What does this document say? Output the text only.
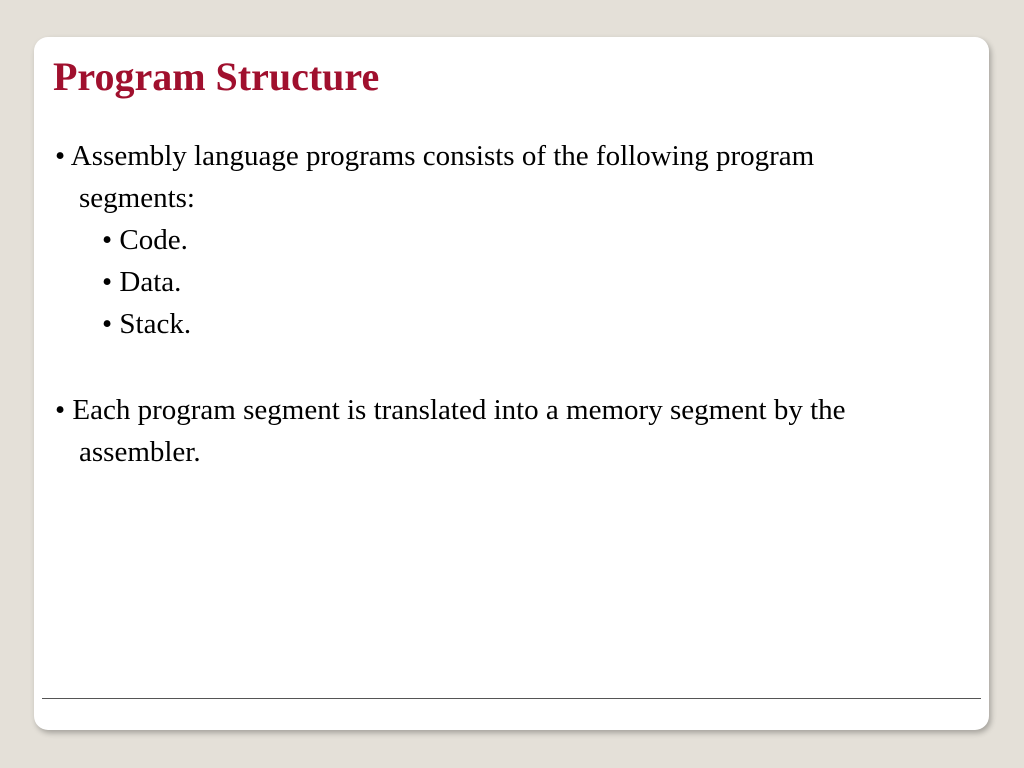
Program Structure

• Assembly language programs consists of the following program

segments:

• Code.

• Data.

• Stack.

• Each program segment is translated into a memory segment by the

assembler.
